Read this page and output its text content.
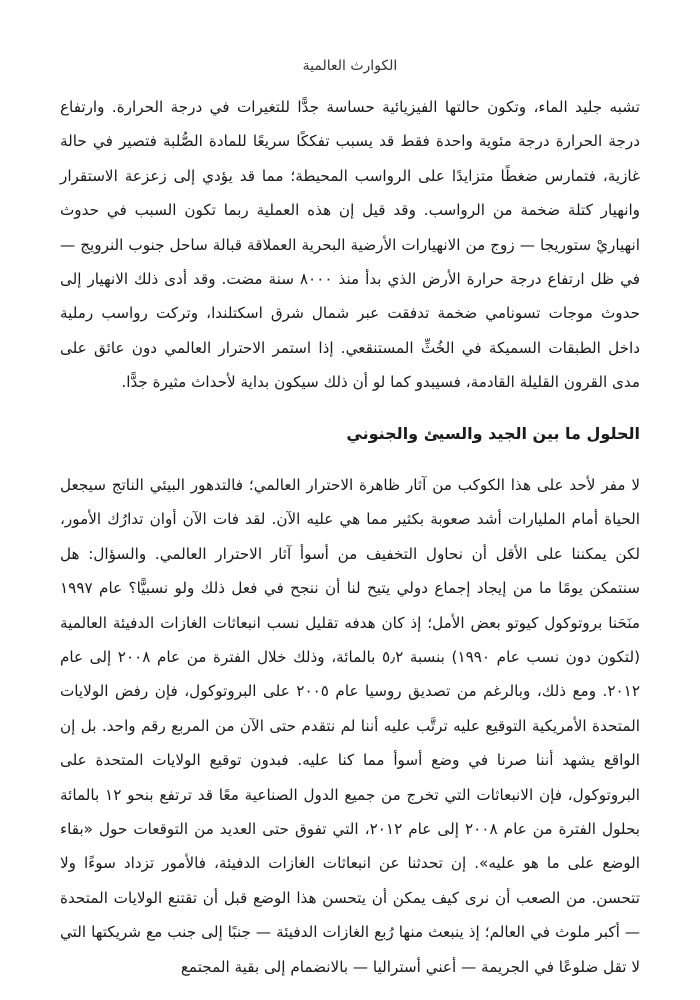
الكوارث العالمية

تشبه جليد الماء، وتكون حالتها الفيزيائية حساسة جدًّا للتغيرات في درجة الحرارة. وارتفاع درجة الحرارة درجة مئوية واحدة فقط قد يسبب تفككًا سريعًا للمادة الصُّلبة فتصير في حالة غازية، فتمارس ضغطًا متزايدًا على الرواسب المحيطة؛ مما قد يؤدي إلى زعزعة الاستقرار وانهيار كتلة ضخمة من الرواسب. وقد قيل إن هذه العملية ربما تكون السبب في حدوث انهياريْ ستوريجا — زوج من الانهيارات الأرضية البحرية العملاقة قبالة ساحل جنوب النرويج — في ظل ارتفاع درجة حرارة الأرض الذي بدأ منذ ٨٠٠٠ سنة مضت. وقد أدى ذلك الانهيار إلى حدوث موجات تسونامي ضخمة تدفقت عبر شمال شرق اسكتلندا، وتركت رواسب رملية داخل الطبقات السميكة في الخُثِّ المستنقعي. إذا استمر الاحترار العالمي دون عائق على مدى القرون القليلة القادمة، فسيبدو كما لو أن ذلك سيكون بداية لأحداث مثيرة جدًّا.

الحلول ما بين الجيد والسيئ والجنوني

لا مفر لأحد على هذا الكوكب من آثار ظاهرة الاحترار العالمي؛ فالتدهور البيئي الناتج سيجعل الحياة أمام المليارات أشد صعوبة بكثير مما هي عليه الآن. لقد فات الآن أوان تدارُك الأمور، لكن يمكننا على الأقل أن نحاول التخفيف من أسوأ آثار الاحترار العالمي. والسؤال: هل سنتمكن يومًا ما من إيجاد إجماع دولي يتيح لنا أن ننجح في فعل ذلك ولو نسبيًّا؟ عام ١٩٩٧ منَحَنا بروتوكول كيوتو بعض الأمل؛ إذ كان هدفه تقليل نسب انبعاثات الغازات الدفيئة العالمية (لتكون دون نسب عام ١٩٩٠) بنسبة ٥٫٢ بالمائة، وذلك خلال الفترة من عام ٢٠٠٨ إلى عام ٢٠١٢. ومع ذلك، وبالرغم من تصديق روسيا عام ٢٠٠٥ على البروتوكول، فإن رفض الولايات المتحدة الأمريكية التوقيع عليه ترتَّب عليه أننا لم نتقدم حتى الآن من المربع رقم واحد. بل إن الواقع يشهد أننا صرنا في وضع أسوأ مما كنا عليه. فبدون توقيع الولايات المتحدة على البروتوكول، فإن الانبعاثات التي تخرج من جميع الدول الصناعية معًا قد ترتفع بنحو ١٢ بالمائة بحلول الفترة من عام ٢٠٠٨ إلى عام ٢٠١٢، التي تفوق حتى العديد من التوقعات حول «بقاء الوضع على ما هو عليه». إن تحدثنا عن انبعاثات الغازات الدفيئة، فالأمور تزداد سوءًا ولا تتحسن. من الصعب أن نرى كيف يمكن أن يتحسن هذا الوضع قبل أن تقتنع الولايات المتحدة — أكبر ملوث في العالم؛ إذ ينبعث منها رُبع الغازات الدفيئة — جنبًا إلى جنب مع شريكتها التي لا تقل ضلوعًا في الجريمة — أعني أستراليا — بالانضمام إلى بقية المجتمع
